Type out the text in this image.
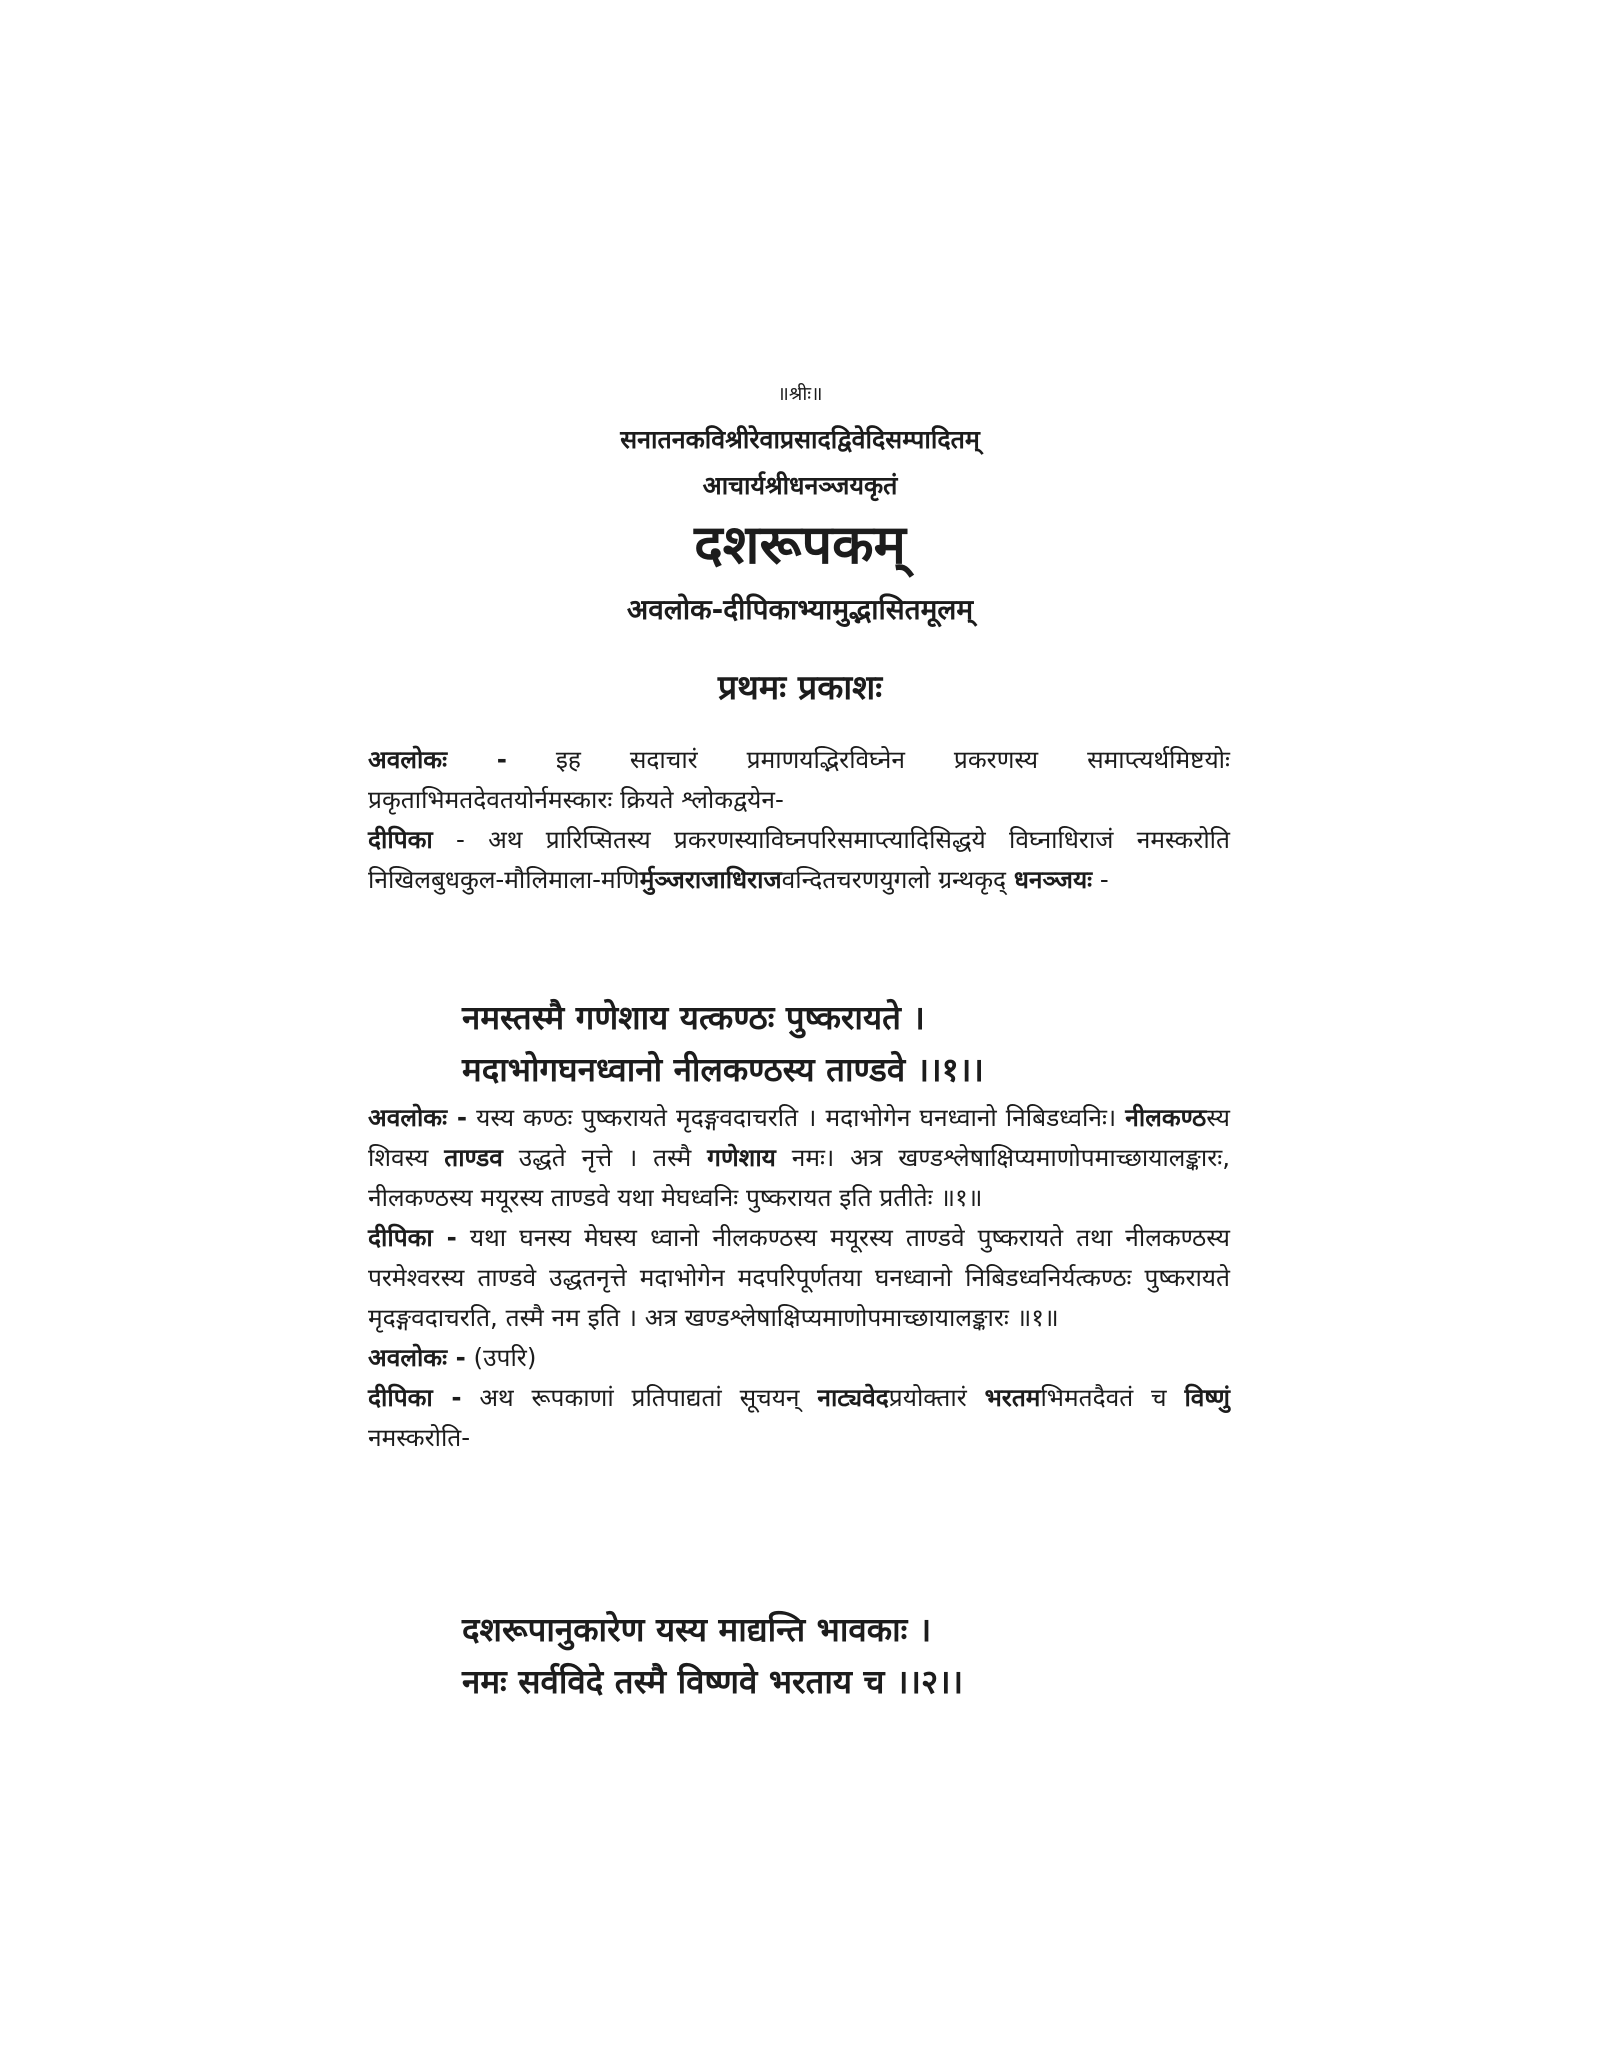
॥श्रीः॥
सनातनकविश्रीरेवाप्रसादद्विवेदिसम्पादितम्
आचार्यश्रीधनञ्जयकृतं
दशरूपकम्
अवलोक-दीपिकाभ्यामुद्भासितमूलम्
प्रथमः प्रकाशः
अवलोकः - इह सदाचारं प्रमाणयद्भिरविघ्नेन प्रकरणस्य समाप्त्यर्थमिष्टयोः प्रकृताभिमतदेवतयोर्नमस्कारः क्रियते श्लोकद्वयेन-
दीपिका - अथ प्रारिप्सितस्य प्रकरणस्याविघ्नपरिसमाप्त्यादिसिद्धये विघ्नाधिराजं नमस्करोति निखिलबुधकुल-मौलिमाला-मणिर्मुञ्जराजाधिराजवन्दितचरणयुगलो ग्रन्थकृद् धनञ्जयः -
नमस्तस्मै गणेशाय यत्कण्ठः पुष्करायते ।
मदाभोगघनध्वानो नीलकण्ठस्य ताण्डवे ।।१।।
अवलोकः - यस्य कण्ठः पुष्करायते मृदङ्गवदाचरति । मदाभोगेन घनध्वानो निबिडध्वनिः। नीलकण्ठस्य शिवस्य ताण्डव उद्धते नृत्ते । तस्मै गणेशाय नमः। अत्र खण्डश्लेषाक्षिप्यमाणोपमाच्छायालङ्कारः, नीलकण्ठस्य मयूरस्य ताण्डवे यथा मेघध्वनिः पुष्करायत इति प्रतीतेः ॥१॥
दीपिका - यथा घनस्य मेघस्य ध्वानो नीलकण्ठस्य मयूरस्य ताण्डवे पुष्करायते तथा नीलकण्ठस्य परमेश्वरस्य ताण्डवे उद्धतनृत्ते मदाभोगेन मदपरिपूर्णतया घनध्वानो निबिडध्वनिर्यत्कण्ठः पुष्करायते मृदङ्गवदाचरति, तस्मै नम इति । अत्र खण्डश्लेषाक्षिप्यमाणोपमाच्छायालङ्कारः ॥१॥
अवलोकः - (उपरि)
दीपिका - अथ रूपकाणां प्रतिपाद्यतां सूचयन् नाट्यवेदप्रयोक्तारं भरतमभिमतदैवतं च विष्णुं नमस्करोति-
दशरूपानुकारेण यस्य माद्यन्ति भावकाः ।
नमः सर्वविदे तस्मै विष्णवे भरताय च ।।२।।
